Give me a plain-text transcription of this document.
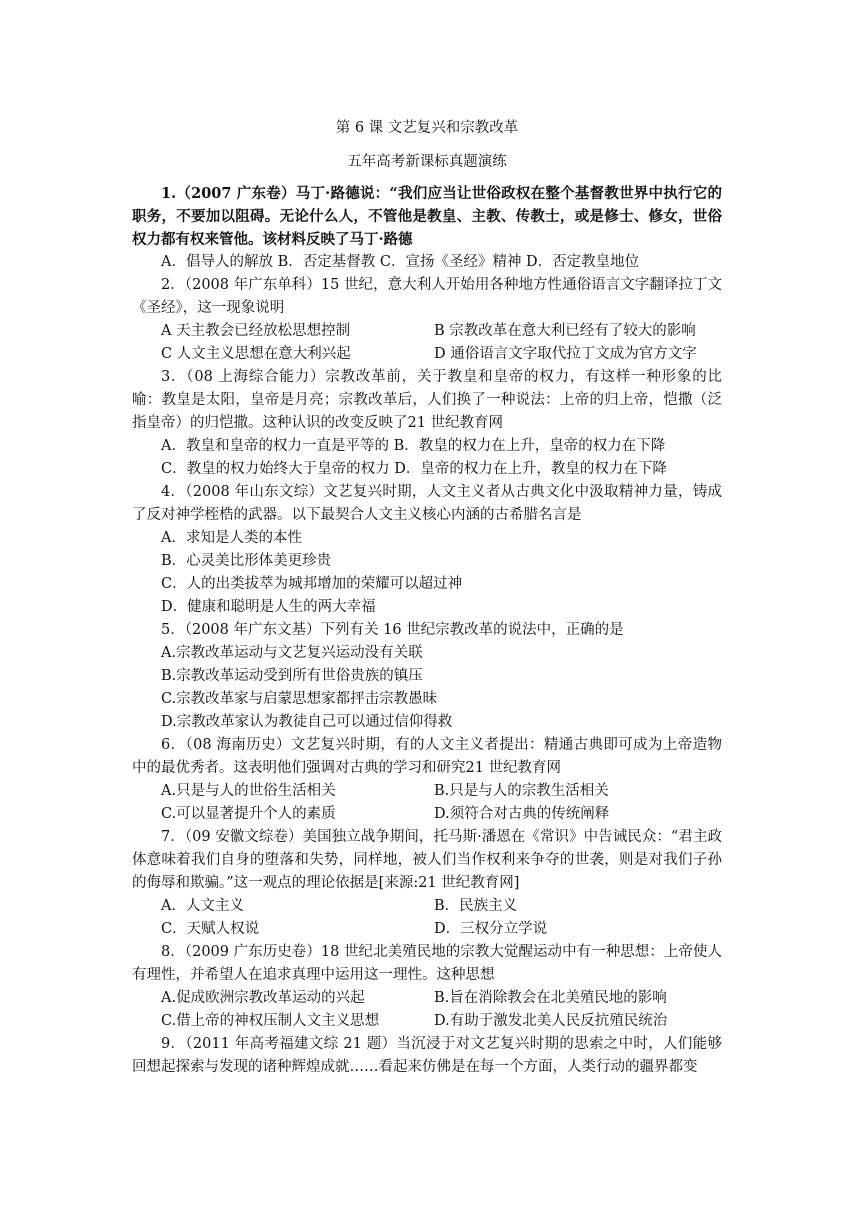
第 6 课 文艺复兴和宗教改革
五年高考新课标真题演练

1.（2007 广东卷）马丁·路德说：“我们应当让世俗政权在整个基督教世界中执行它的职务，不要加以阻碍。无论什么人，不管他是教皇、主教、传教士，或是修士、修女，世俗权力都有权来管他。该材料反映了马丁·路德

A．倡导人的解放 B．否定基督教 C．宣扬《圣经》精神 D．否定教皇地位

2．（2008 年广东单科）15 世纪，意大利人开始用各种地方性通俗语言文字翻译拉丁文《圣经》，这一现象说明

A 天主教会已经放松思想控制	B 宗教改革在意大利已经有了较大的影响
C 人文主义思想在意大利兴起	D 通俗语言文字取代拉丁文成为官方文字

3．（08 上海综合能力）宗教改革前，关于教皇和皇帝的权力，有这样一种形象的比喻：教皇是太阳，皇帝是月亮；宗教改革后，人们换了一种说法：上帝的归上帝，恺撒（泛指皇帝）的归恺撒。这种认识的改变反映了21 世纪教育网

A．教皇和皇帝的权力一直是平等的 B．教皇的权力在上升，皇帝的权力在下降

C．教皇的权力始终大于皇帝的权力 D．皇帝的权力在上升，教皇的权力在下降

4．（2008 年山东文综）文艺复兴时期，人文主义者从古典文化中汲取精神力量，铸成了反对神学桎梏的武器。以下最契合人文主义核心内涵的古希腊名言是

A．求知是人类的本性

B．心灵美比形体美更珍贵

C．人的出类拔萃为城邦增加的荣耀可以超过神

D．健康和聪明是人生的两大幸福

5．（2008 年广东文基）下列有关 16 世纪宗教改革的说法中，正确的是

A.宗教改革运动与文艺复兴运动没有关联

B.宗教改革运动受到所有世俗贵族的镇压

C.宗教改革家与启蒙思想家都抨击宗教愚昧

D.宗教改革家认为教徒自己可以通过信仰得救

6．（08 海南历史）文艺复兴时期，有的人文主义者提出：精通古典即可成为上帝造物中的最优秀者。这表明他们强调对古典的学习和研究21 世纪教育网

A.只是与人的世俗生活相关	B.只是与人的宗教生活相关
C.可以显著提升个人的素质	D.须符合对古典的传统阐释

7．（09 安徽文综卷）美国独立战争期间，托马斯·潘恩在《常识》中告诫民众：“君主政体意味着我们自身的堕落和失势，同样地，被人们当作权利来争夺的世袭，则是对我们子孙的侮辱和欺骗。”这一观点的理论依据是[来源:21 世纪教育网]

A．人文主义	B．民族主义
C．天赋人权说	D．三权分立学说

8．（2009 广东历史卷）18 世纪北美殖民地的宗教大觉醒运动中有一种思想：上帝使人有理性，并希望人在追求真理中运用这一理性。这种思想

A.促成欧洲宗教改革运动的兴起	B.旨在消除教会在北美殖民地的影响
C.借上帝的神权压制人文主义思想	D.有助于激发北美人民反抗殖民统治

9．（2011 年高考福建文综 21 题）当沉浸于对文艺复兴时期的思索之中时，人们能够回想起探索与发现的诸种辉煌成就……看起来仿佛是在每一个方面，人类行动的疆界都变
